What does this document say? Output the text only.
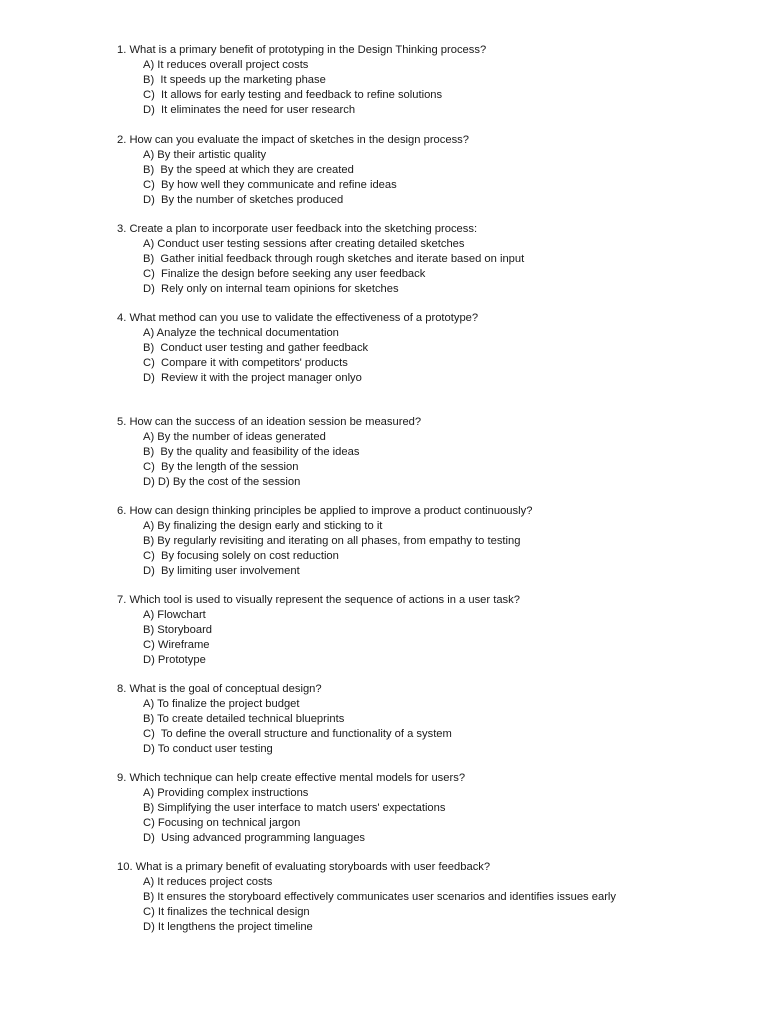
1. What is a primary benefit of prototyping in the Design Thinking process?
A) It reduces overall project costs
B)  It speeds up the marketing phase
C)  It allows for early testing and feedback to refine solutions
D)  It eliminates the need for user research
2. How can you evaluate the impact of sketches in the design process?
A) By their artistic quality
B)  By the speed at which they are created
C)  By how well they communicate and refine ideas
D)  By the number of sketches produced
3. Create a plan to incorporate user feedback into the sketching process:
A) Conduct user testing sessions after creating detailed sketches
B)  Gather initial feedback through rough sketches and iterate based on input
C)  Finalize the design before seeking any user feedback
D)  Rely only on internal team opinions for sketches
4. What method can you use to validate the effectiveness of a prototype?
A) Analyze the technical documentation
B)  Conduct user testing and gather feedback
C)  Compare it with competitors' products
D)  Review it with the project manager onlyo
5. How can the success of an ideation session be measured?
A) By the number of ideas generated
B)  By the quality and feasibility of the ideas
C)  By the length of the session
D) D) By the cost of the session
6. How can design thinking principles be applied to improve a product continuously?
A) By finalizing the design early and sticking to it
B) By regularly revisiting and iterating on all phases, from empathy to testing
C)  By focusing solely on cost reduction
D)  By limiting user involvement
7. Which tool is used to visually represent the sequence of actions in a user task?
A) Flowchart
B) Storyboard
C) Wireframe
D) Prototype
8. What is the goal of conceptual design?
A) To finalize the project budget
B) To create detailed technical blueprints
C)  To define the overall structure and functionality of a system
D) To conduct user testing
9. Which technique can help create effective mental models for users?
A) Providing complex instructions
B) Simplifying the user interface to match users' expectations
C) Focusing on technical jargon
D)  Using advanced programming languages
10. What is a primary benefit of evaluating storyboards with user feedback?
A) It reduces project costs
B) It ensures the storyboard effectively communicates user scenarios and identifies issues early
C) It finalizes the technical design
D) It lengthens the project timeline
